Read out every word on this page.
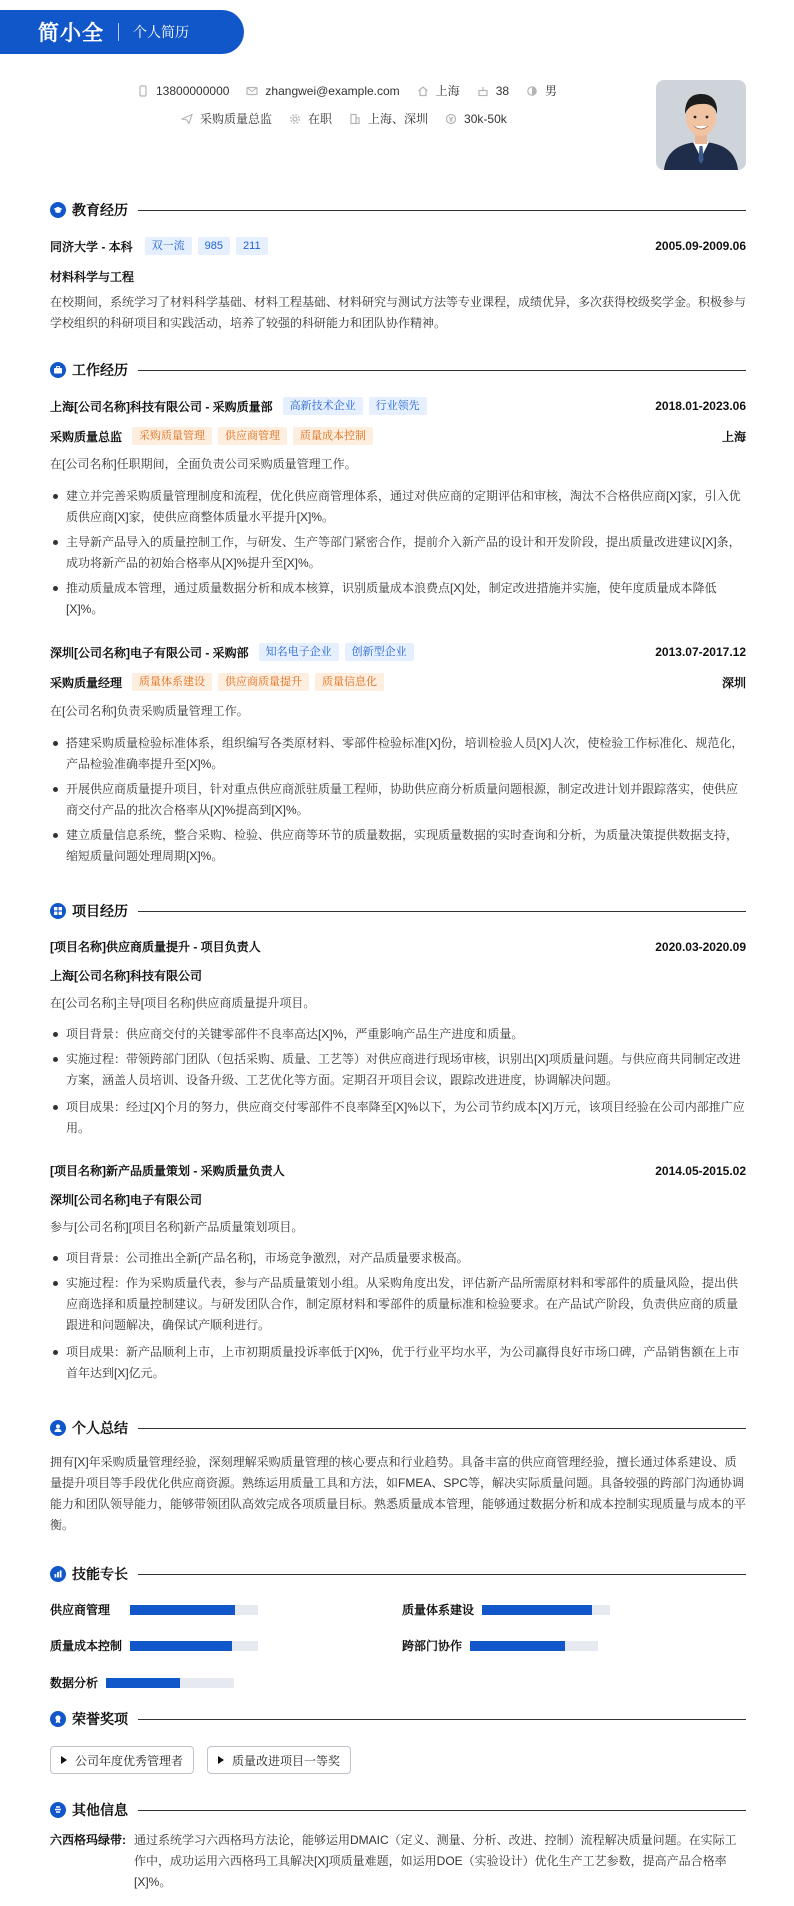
简小全 个人简历
13800000000	zhangwei@example.com	上海	38	男
采购质量总监	在职	上海、深圳	30k-50k
教育经历
同济大学 - 本科	双一流	985	211	2005.09-2009.06
材料科学与工程
在校期间，系统学习了材料科学基础、材料工程基础、材料研究与测试方法等专业课程，成绩优异，多次获得校级奖学金。积极参与学校组织的科研项目和实践活动，培养了较强的科研能力和团队协作精神。
工作经历
上海[公司名称]科技有限公司 - 采购质量部	高新技术企业	行业领先	2018.01-2023.06
采购质量总监	采购质量管理	供应商管理	质量成本控制	上海
在[公司名称]任职期间，全面负责公司采购质量管理工作。
建立并完善采购质量管理制度和流程，优化供应商管理体系，通过对供应商的定期评估和审核，淘汰不合格供应商[X]家，引入优质供应商[X]家，使供应商整体质量水平提升[X]%。
主导新产品导入的质量控制工作，与研发、生产等部门紧密合作，提前介入新产品的设计和开发阶段，提出质量改进建议[X]条，成功将新产品的初始合格率从[X]%提升至[X]%。
推动质量成本管理，通过质量数据分析和成本核算，识别质量成本浪费点[X]处，制定改进措施并实施，使年度质量成本降低[X]%。
深圳[公司名称]电子有限公司 - 采购部	知名电子企业	创新型企业	2013.07-2017.12
采购质量经理	质量体系建设	供应商质量提升	质量信息化	深圳
在[公司名称]负责采购质量管理工作。
搭建采购质量检验标准体系，组织编写各类原材料、零部件检验标准[X]份，培训检验人员[X]人次，使检验工作标准化、规范化，产品检验准确率提升至[X]%。
开展供应商质量提升项目，针对重点供应商派驻质量工程师，协助供应商分析质量问题根源，制定改进计划并跟踪落实，使供应商交付产品的批次合格率从[X]%提高到[X]%。
建立质量信息系统，整合采购、检验、供应商等环节的质量数据，实现质量数据的实时查询和分析，为质量决策提供数据支持，缩短质量问题处理周期[X]%。
项目经历
[项目名称]供应商质量提升 - 项目负责人	2020.03-2020.09
上海[公司名称]科技有限公司
在[公司名称]主导[项目名称]供应商质量提升项目。
项目背景：供应商交付的关键零部件不良率高达[X]%，严重影响产品生产进度和质量。
实施过程：带领跨部门团队（包括采购、质量、工艺等）对供应商进行现场审核，识别出[X]项质量问题。与供应商共同制定改进方案，涵盖人员培训、设备升级、工艺优化等方面。定期召开项目会议，跟踪改进进度，协调解决问题。
项目成果：经过[X]个月的努力，供应商交付零部件不良率降至[X]%以下，为公司节约成本[X]万元，该项目经验在公司内部推广应用。
[项目名称]新产品质量策划 - 采购质量负责人	2014.05-2015.02
深圳[公司名称]电子有限公司
参与[公司名称][项目名称]新产品质量策划项目。
项目背景：公司推出全新[产品名称]，市场竞争激烈，对产品质量要求极高。
实施过程：作为采购质量代表，参与产品质量策划小组。从采购角度出发，评估新产品所需原材料和零部件的质量风险，提出供应商选择和质量控制建议。与研发团队合作，制定原材料和零部件的质量标准和检验要求。在产品试产阶段，负责供应商的质量跟进和问题解决，确保试产顺利进行。
项目成果：新产品顺利上市，上市初期质量投诉率低于[X]%，优于行业平均水平，为公司赢得良好市场口碑，产品销售额在上市首年达到[X]亿元。
个人总结
拥有[X]年采购质量管理经验，深刻理解采购质量管理的核心要点和行业趋势。具备丰富的供应商管理经验，擅长通过体系建设、质量提升项目等手段优化供应商资源。熟练运用质量工具和方法，如FMEA、SPC等，解决实际质量问题。具备较强的跨部门沟通协调能力和团队领导能力，能够带领团队高效完成各项质量目标。熟悉质量成本管理，能够通过数据分析和成本控制实现质量与成本的平衡。
技能专长
供应商管理	质量体系建设
质量成本控制	跨部门协作
数据分析
荣誉奖项
公司年度优秀管理者	质量改进项目一等奖
其他信息
六西格玛绿带: 通过系统学习六西格玛方法论，能够运用DMAIC（定义、测量、分析、改进、控制）流程解决质量问题。在实际工作中，成功运用六西格玛工具解决[X]项质量难题，如运用DOE（实验设计）优化生产工艺参数，提高产品合格率[X]%。
